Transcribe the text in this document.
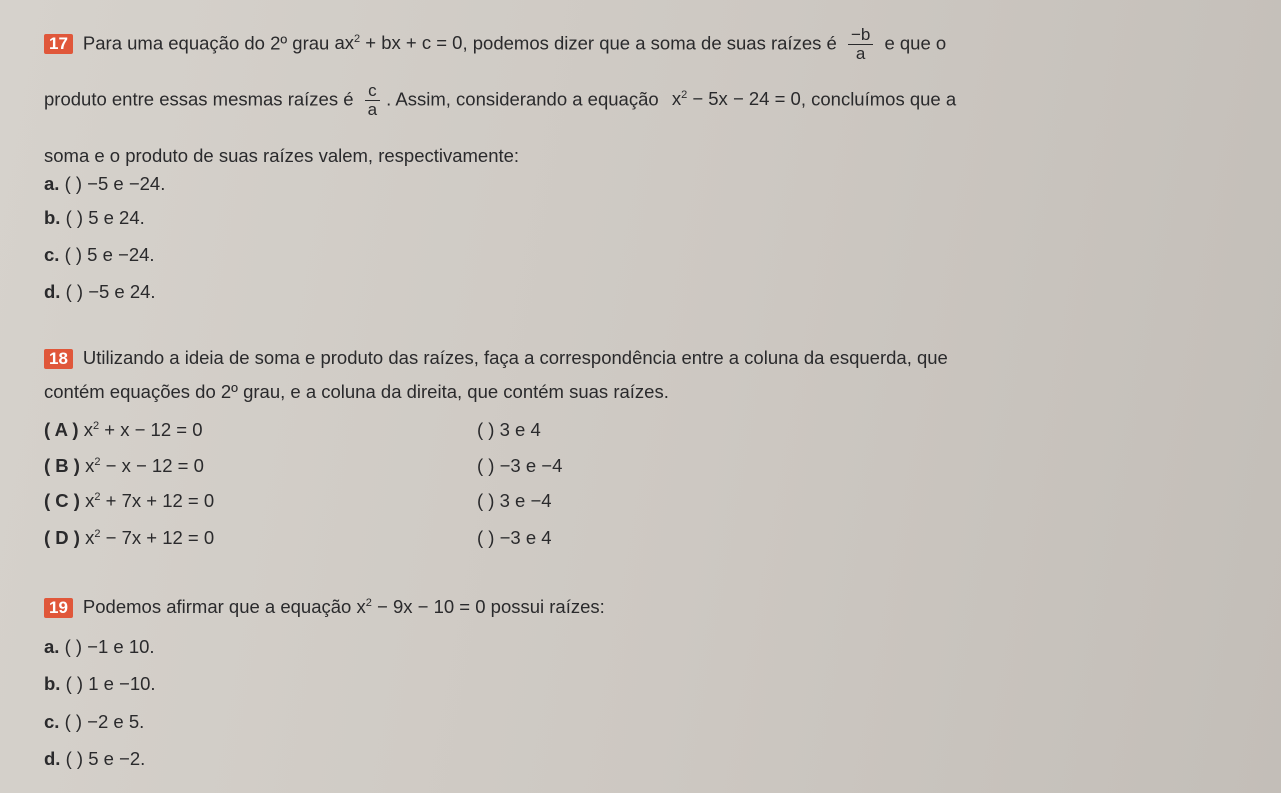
17 Para uma equação do 2º grau $ax^2$ + bx + c = 0, podemos dizer que a soma de suas raízes é $\frac{-b}{a}$ e que o
produto entre essas mesmas raízes é $\frac{c}{a}$ . Assim, considerando a equação $x^2 - 5x - 24 = 0$, concluímos que a
soma e o produto de suas raízes valem, respectivamente:
a. ( ) −5 e −24.
b. ( ) 5 e 24.
c. ( ) 5 e −24.
d. ( ) −5 e 24.
18 Utilizando a ideia de soma e produto das raízes, faça a correspondência entre a coluna da esquerda, que
contém equações do 2º grau, e a coluna da direita, que contém suas raízes.
( A ) $x^2 + x - 12 = 0$
( B ) $x^2 - x - 12 = 0$
( C ) $x^2 + 7x + 12 = 0$
( D ) $x^2 - 7x + 12 = 0$
( ) 3 e 4
( ) −3 e −4
( ) 3 e −4
( ) −3 e 4
19 Podemos afirmar que a equação $x^2 - 9x - 10 = 0$ possui raízes:
a. ( ) −1 e 10.
b. ( ) 1 e −10.
c. ( ) −2 e 5.
d. ( ) 5 e −2.
